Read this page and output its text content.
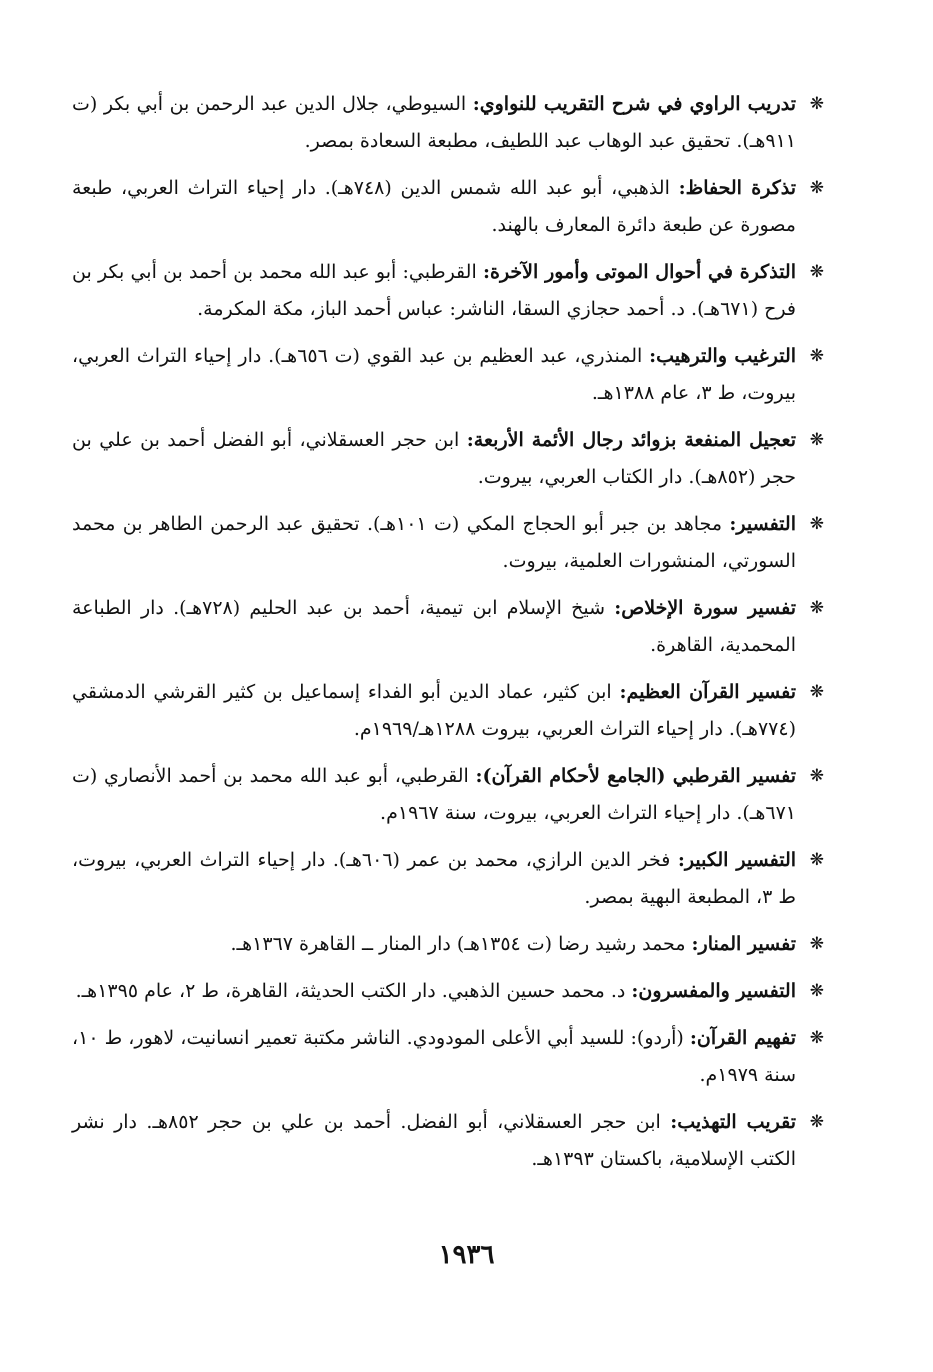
❋
تدريب الراوي في شرح التقريب للنواوي: السيوطي، جلال الدين عبد الرحمن بن أبي بكر (ت ٩١١هـ). تحقيق عبد الوهاب عبد اللطيف، مطبعة السعادة بمصر.
❋
تذكرة الحفاظ: الذهبي، أبو عبد الله شمس الدين (٧٤٨هـ). دار إحياء التراث العربي، طبعة مصورة عن طبعة دائرة المعارف بالهند.
❋
التذكرة في أحوال الموتى وأمور الآخرة: القرطبي: أبو عبد الله محمد بن أحمد بن أبي بكر بن فرح (٦٧١هـ). د. أحمد حجازي السقا، الناشر: عباس أحمد الباز، مكة المكرمة.
❋
الترغيب والترهيب: المنذري، عبد العظيم بن عبد القوي (ت ٦٥٦هـ). دار إحياء التراث العربي، بيروت، ط ٣، عام ١٣٨٨هـ.
❋
تعجيل المنفعة بزوائد رجال الأئمة الأربعة: ابن حجر العسقلاني، أبو الفضل أحمد بن علي بن حجر (٨٥٢هـ). دار الكتاب العربي، بيروت.
❋
التفسير: مجاهد بن جبر أبو الحجاج المكي (ت ١٠١هـ). تحقيق عبد الرحمن الطاهر بن محمد السورتي، المنشورات العلمية، بيروت.
❋
تفسير سورة الإخلاص: شيخ الإسلام ابن تيمية، أحمد بن عبد الحليم (٧٢٨هـ). دار الطباعة المحمدية، القاهرة.
❋
تفسير القرآن العظيم: ابن كثير، عماد الدين أبو الفداء إسماعيل بن كثير القرشي الدمشقي (٧٧٤هـ). دار إحياء التراث العربي، بيروت ١٢٨٨هـ/١٩٦٩م.
❋
تفسير القرطبي (الجامع لأحكام القرآن): القرطبي، أبو عبد الله محمد بن أحمد الأنصاري (ت ٦٧١هـ). دار إحياء التراث العربي، بيروت، سنة ١٩٦٧م.
❋
التفسير الكبير: فخر الدين الرازي، محمد بن عمر (٦٠٦هـ). دار إحياء التراث العربي، بيروت، ط ٣، المطبعة البهية بمصر.
❋
تفسير المنار: محمد رشيد رضا (ت ١٣٥٤هـ) دار المنار ــ القاهرة ١٣٦٧هـ.
❋
التفسير والمفسرون: د. محمد حسين الذهبي. دار الكتب الحديثة، القاهرة، ط ٢، عام ١٣٩٥هـ.
❋
تفهيم القرآن: (أردو): للسيد أبي الأعلى المودودي. الناشر مكتبة تعمير انسانيت، لاهور، ط ١٠، سنة ١٩٧٩م.
❋
تقريب التهذيب: ابن حجر العسقلاني، أبو الفضل. أحمد بن علي بن حجر ٨٥٢هـ. دار نشر الكتب الإسلامية، باكستان ١٣٩٣هـ.
١٩٣٦
